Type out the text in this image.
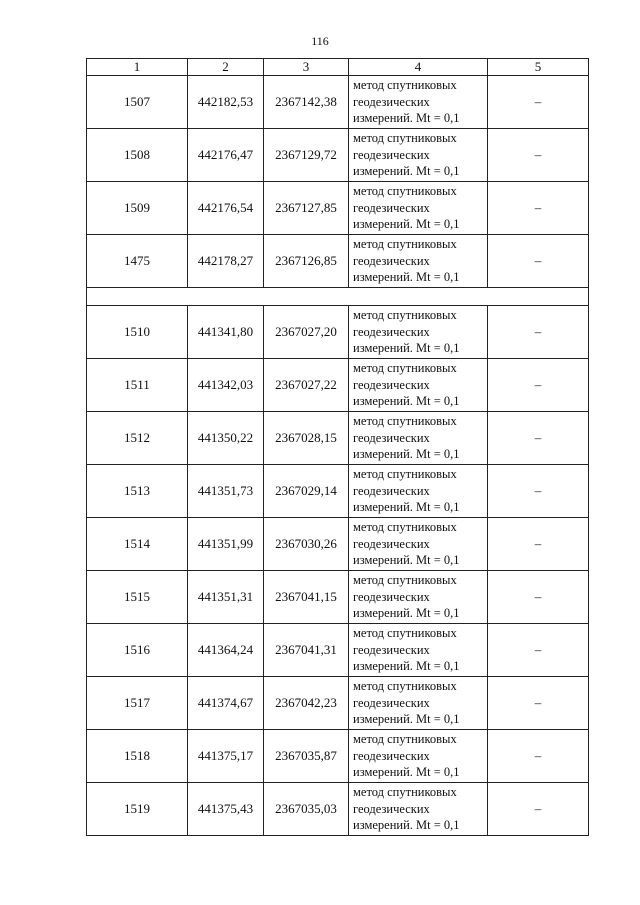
116
1	2	3	4	5
1507	442182,53	2367142,38	метод спутниковых
геодезических
измерений. Mt = 0,1	–
1508	442176,47	2367129,72	метод спутниковых
геодезических
измерений. Mt = 0,1	–
1509	442176,54	2367127,85	метод спутниковых
геодезических
измерений. Mt = 0,1	–
1475	442178,27	2367126,85	метод спутниковых
геодезических
измерений. Mt = 0,1	–

1510	441341,80	2367027,20	метод спутниковых
геодезических
измерений. Mt = 0,1	–
1511	441342,03	2367027,22	метод спутниковых
геодезических
измерений. Mt = 0,1	–
1512	441350,22	2367028,15	метод спутниковых
геодезических
измерений. Mt = 0,1	–
1513	441351,73	2367029,14	метод спутниковых
геодезических
измерений. Mt = 0,1	–
1514	441351,99	2367030,26	метод спутниковых
геодезических
измерений. Mt = 0,1	–
1515	441351,31	2367041,15	метод спутниковых
геодезических
измерений. Mt = 0,1	–
1516	441364,24	2367041,31	метод спутниковых
геодезических
измерений. Mt = 0,1	–
1517	441374,67	2367042,23	метод спутниковых
геодезических
измерений. Mt = 0,1	–
1518	441375,17	2367035,87	метод спутниковых
геодезических
измерений. Mt = 0,1	–
1519	441375,43	2367035,03	метод спутниковых
геодезических
измерений. Mt = 0,1	–
